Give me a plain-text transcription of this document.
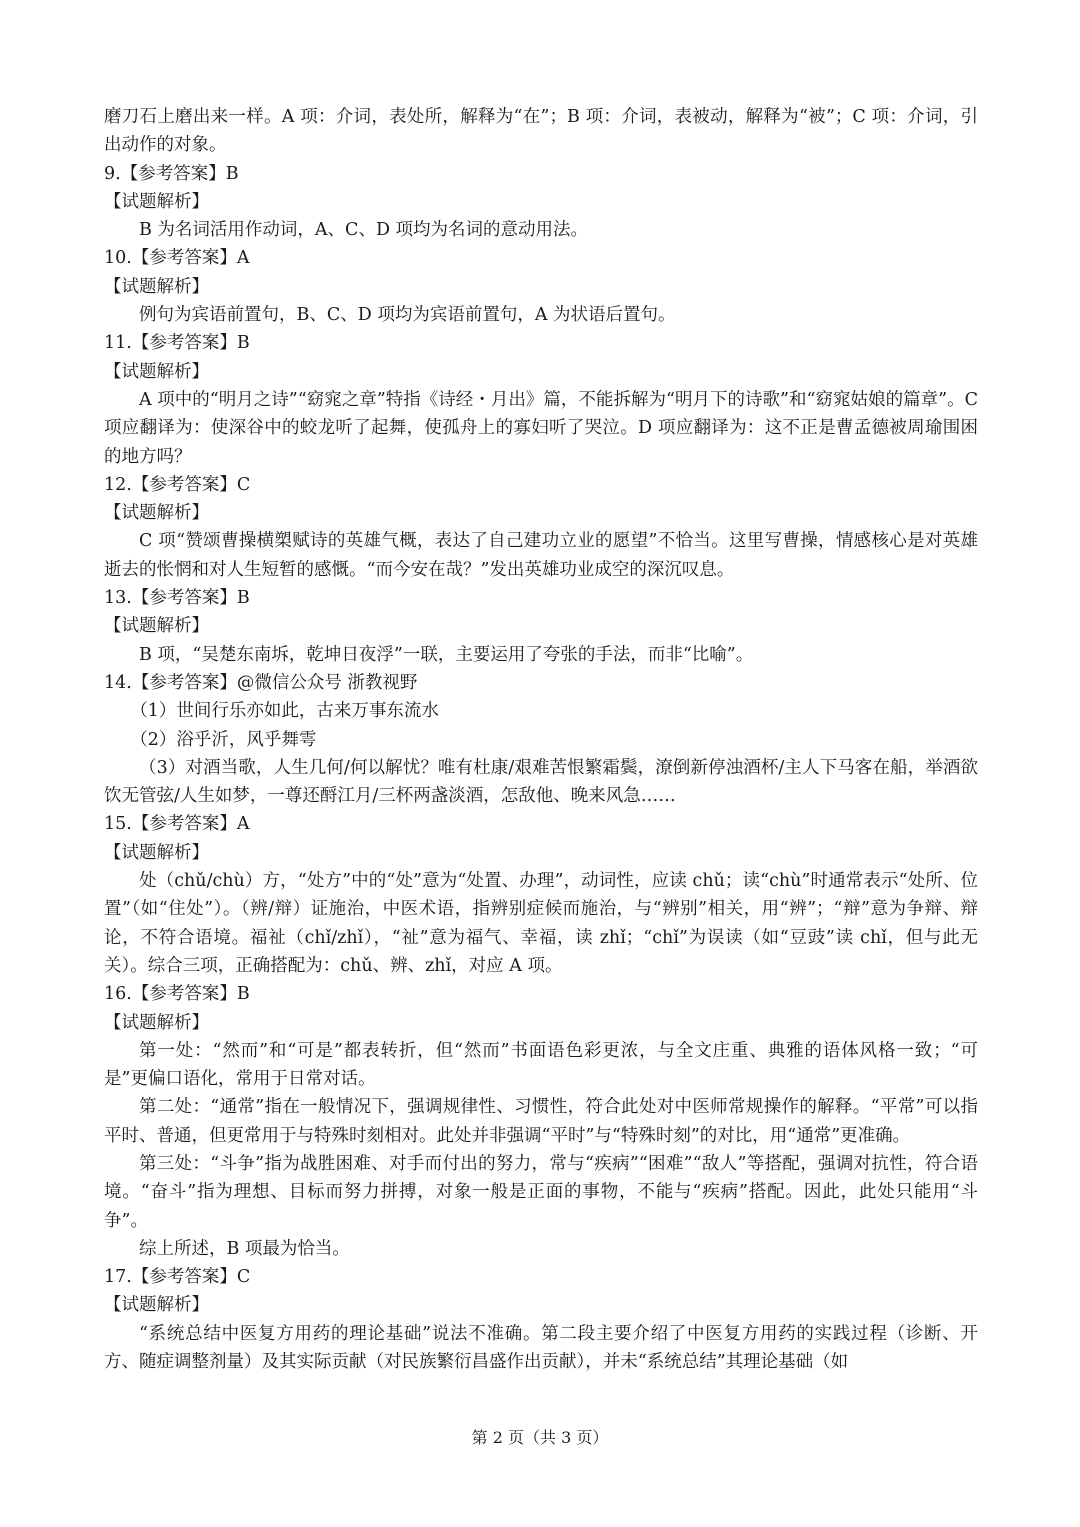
磨刀石上磨出来一样。A 项：介词，表处所，解释为“在”；B 项：介词，表被动，解释为“被”；C 项：介词，引出动作的对象。

9.【参考答案】B

【试题解析】

B 为名词活用作动词，A、C、D 项均为名词的意动用法。

10.【参考答案】A

【试题解析】

例句为宾语前置句，B、C、D 项均为宾语前置句，A 为状语后置句。

11.【参考答案】B

【试题解析】

A 项中的“明月之诗”“窈窕之章”特指《诗经・月出》篇，不能拆解为“明月下的诗歌”和“窈窕姑娘的篇章”。C 项应翻译为：使深谷中的蛟龙听了起舞，使孤舟上的寡妇听了哭泣。D 项应翻译为：这不正是曹孟德被周瑜围困的地方吗？

12.【参考答案】C

【试题解析】

C 项“赞颂曹操横槊赋诗的英雄气概，表达了自己建功立业的愿望”不恰当。这里写曹操，情感核心是对英雄逝去的怅惘和对人生短暂的感慨。“而今安在哉？”发出英雄功业成空的深沉叹息。

13.【参考答案】B

【试题解析】

B 项，“吴楚东南坼，乾坤日夜浮”一联，主要运用了夸张的手法，而非“比喻”。

14.【参考答案】@微信公众号 浙教视野

（1）世间行乐亦如此，古来万事东流水

（2）浴乎沂，风乎舞雩

（3）对酒当歌，人生几何/何以解忧？唯有杜康/艰难苦恨繁霜鬓，潦倒新停浊酒杯/主人下马客在船，举酒欲饮无管弦/人生如梦，一尊还酹江月/三杯两盏淡酒，怎敌他、晚来风急……

15.【参考答案】A

【试题解析】

处（chǔ/chù）方，“处方”中的“处”意为“处置、办理”，动词性，应读 chǔ；读“chù”时通常表示“处所、位置”（如“住处”）。（辨/辩）证施治，中医术语，指辨别症候而施治，与“辨别”相关，用“辨”；“辩”意为争辩、辩论，不符合语境。福祉（chǐ/zhǐ），“祉”意为福气、幸福，读 zhǐ；“chǐ”为误读（如“豆豉”读 chǐ，但与此无关）。综合三项，正确搭配为：chǔ、辨、zhǐ，对应 A 项。

16.【参考答案】B

【试题解析】

第一处：“然而”和“可是”都表转折，但“然而”书面语色彩更浓，与全文庄重、典雅的语体风格一致；“可是”更偏口语化，常用于日常对话。

第二处：“通常”指在一般情况下，强调规律性、习惯性，符合此处对中医师常规操作的解释。“平常”可以指平时、普通，但更常用于与特殊时刻相对。此处并非强调“平时”与“特殊时刻”的对比，用“通常”更准确。

第三处：“斗争”指为战胜困难、对手而付出的努力，常与“疾病”“困难”“敌人”等搭配，强调对抗性，符合语境。“奋斗”指为理想、目标而努力拼搏，对象一般是正面的事物，不能与“疾病”搭配。因此，此处只能用“斗争”。

综上所述，B 项最为恰当。

17.【参考答案】C

【试题解析】

“系统总结中医复方用药的理论基础”说法不准确。第二段主要介绍了中医复方用药的实践过程（诊断、开方、随症调整剂量）及其实际贡献（对民族繁衍昌盛作出贡献），并未“系统总结”其理论基础（如

第 2 页（共 3 页）
